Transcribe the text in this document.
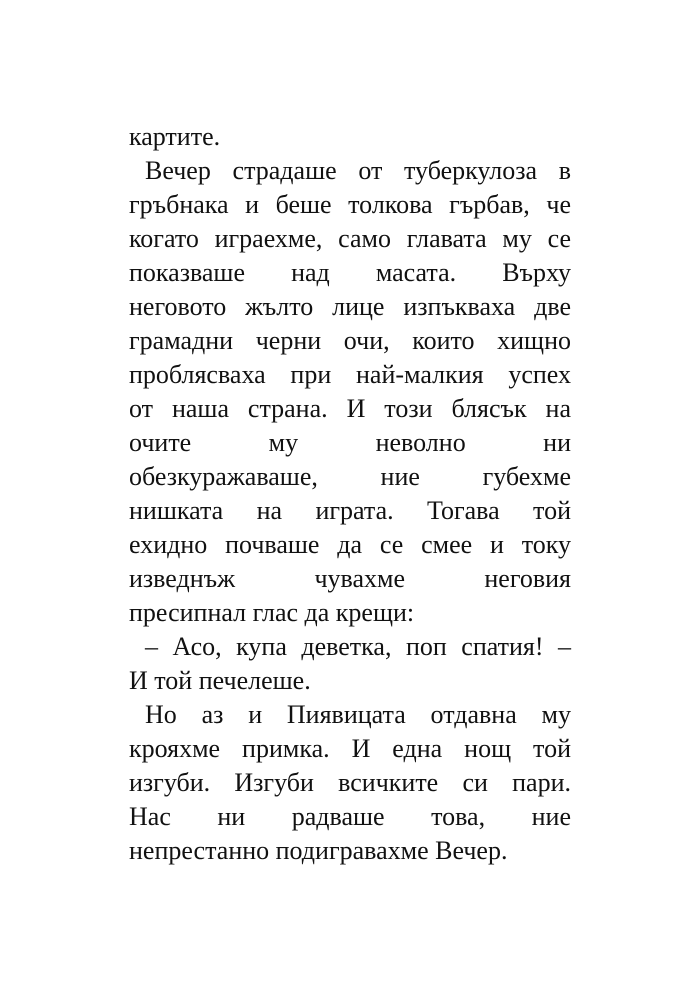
картите.
Вечер страдаше от туберкулоза в
гръбнака и беше толкова гърбав, че
когато играехме, само главата му се
показваше над масата. Върху
неговото жълто лице изпъкваха две
грамадни черни очи, които хищно
проблясваха при най-малкия успех
от наша страна. И този блясък на
очите му неволно ни
обезкуражаваше, ние губехме
нишката на играта. Тогава той
ехидно почваше да се смее и току
изведнъж чувахме неговия
пресипнал глас да крещи:
– Асо, купа деветка, поп спатия! –
И той печелеше.
Но аз и Пиявицата отдавна му
крояхме примка. И една нощ той
изгуби. Изгуби всичките си пари.
Нас ни радваше това, ние
непрестанно подигравахме Вечер.
